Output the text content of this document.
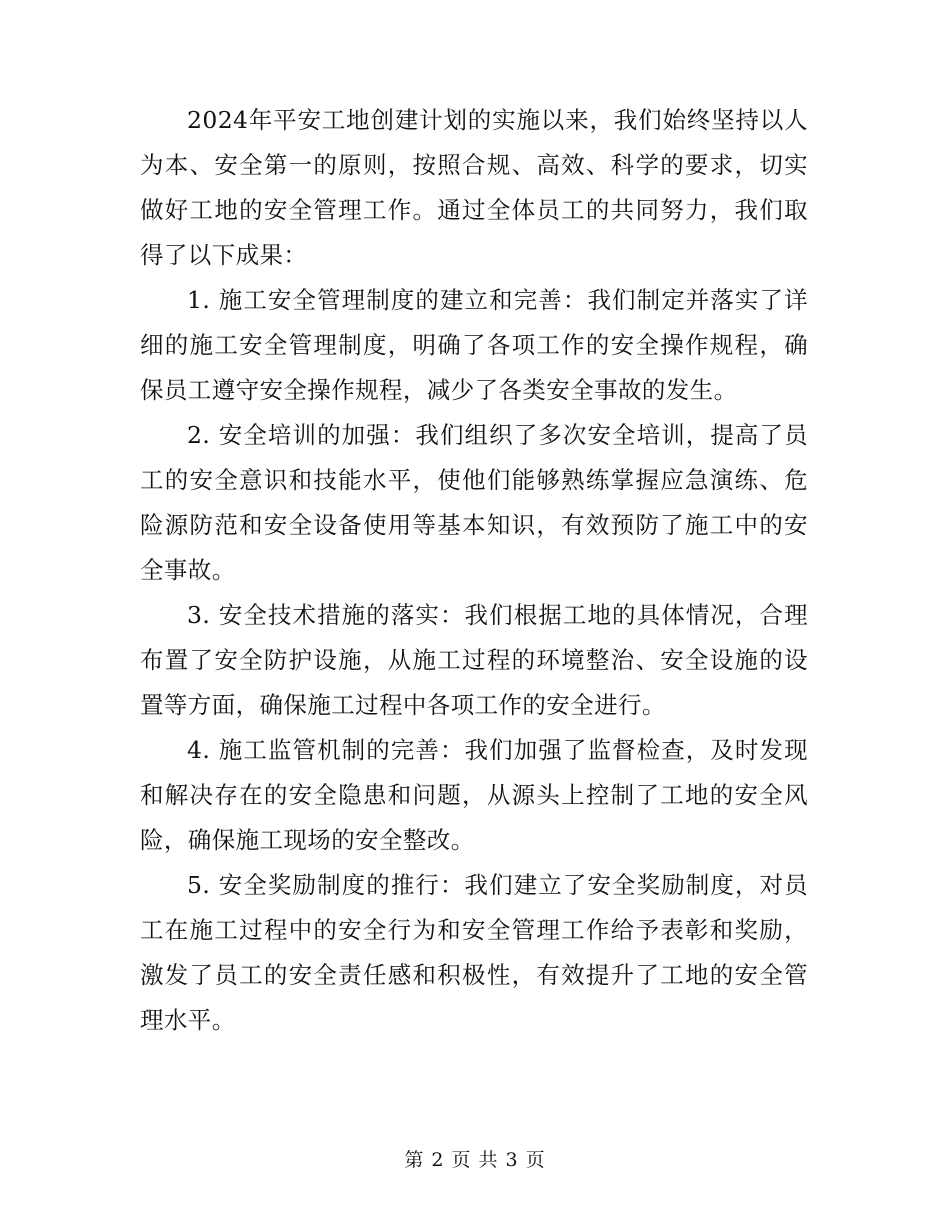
2024年平安工地创建计划的实施以来，我们始终坚持以人为本、安全第一的原则，按照合规、高效、科学的要求，切实做好工地的安全管理工作。通过全体员工的共同努力，我们取得了以下成果：

1. 施工安全管理制度的建立和完善：我们制定并落实了详细的施工安全管理制度，明确了各项工作的安全操作规程，确保员工遵守安全操作规程，减少了各类安全事故的发生。

2. 安全培训的加强：我们组织了多次安全培训，提高了员工的安全意识和技能水平，使他们能够熟练掌握应急演练、危险源防范和安全设备使用等基本知识，有效预防了施工中的安全事故。

3. 安全技术措施的落实：我们根据工地的具体情况，合理布置了安全防护设施，从施工过程的环境整治、安全设施的设置等方面，确保施工过程中各项工作的安全进行。

4. 施工监管机制的完善：我们加强了监督检查，及时发现和解决存在的安全隐患和问题，从源头上控制了工地的安全风险，确保施工现场的安全整改。

5. 安全奖励制度的推行：我们建立了安全奖励制度，对员工在施工过程中的安全行为和安全管理工作给予表彰和奖励，激发了员工的安全责任感和积极性，有效提升了工地的安全管理水平。

第 2 页 共 3 页
